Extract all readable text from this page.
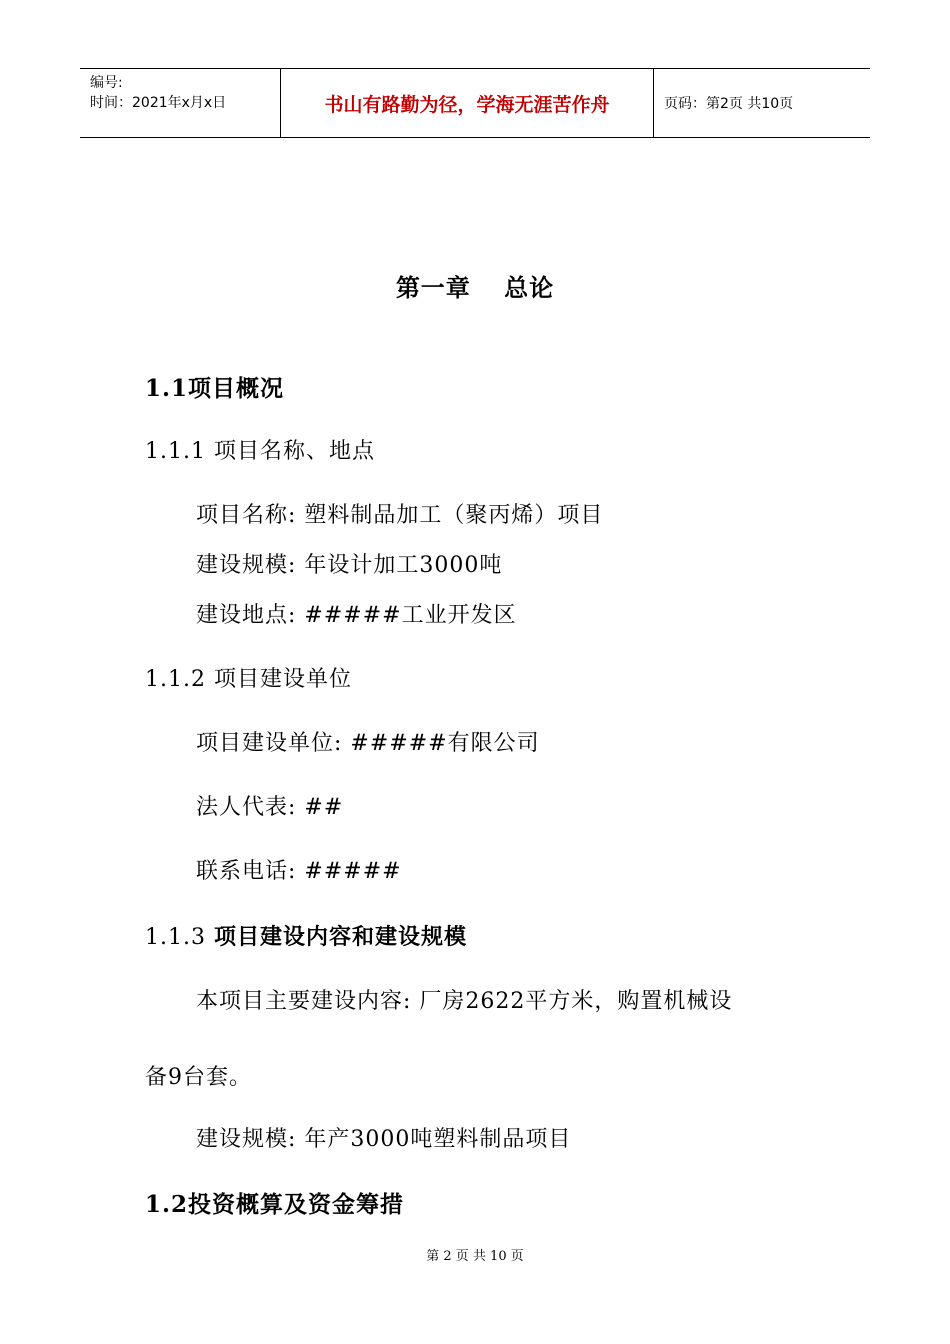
编号:
时间：2021年x月x日	书山有路勤为径，学海无涯苦作舟	页码：第2页 共10页
第一章 总论
1.1项目概况
1.1.1 项目名称、地点
项目名称: 塑料制品加工（聚丙烯）项目
建设规模: 年设计加工3000吨
建设地点: #####工业开发区
1.1.2 项目建设单位
项目建设单位: #####有限公司
法人代表: ##
联系电话: #####
1.1.3 项目建设内容和建设规模
本项目主要建设内容: 厂房2622平方米，购置机械设
备9台套。
建设规模: 年产3000吨塑料制品项目
1.2投资概算及资金筹措
第 2 页 共 10 页
